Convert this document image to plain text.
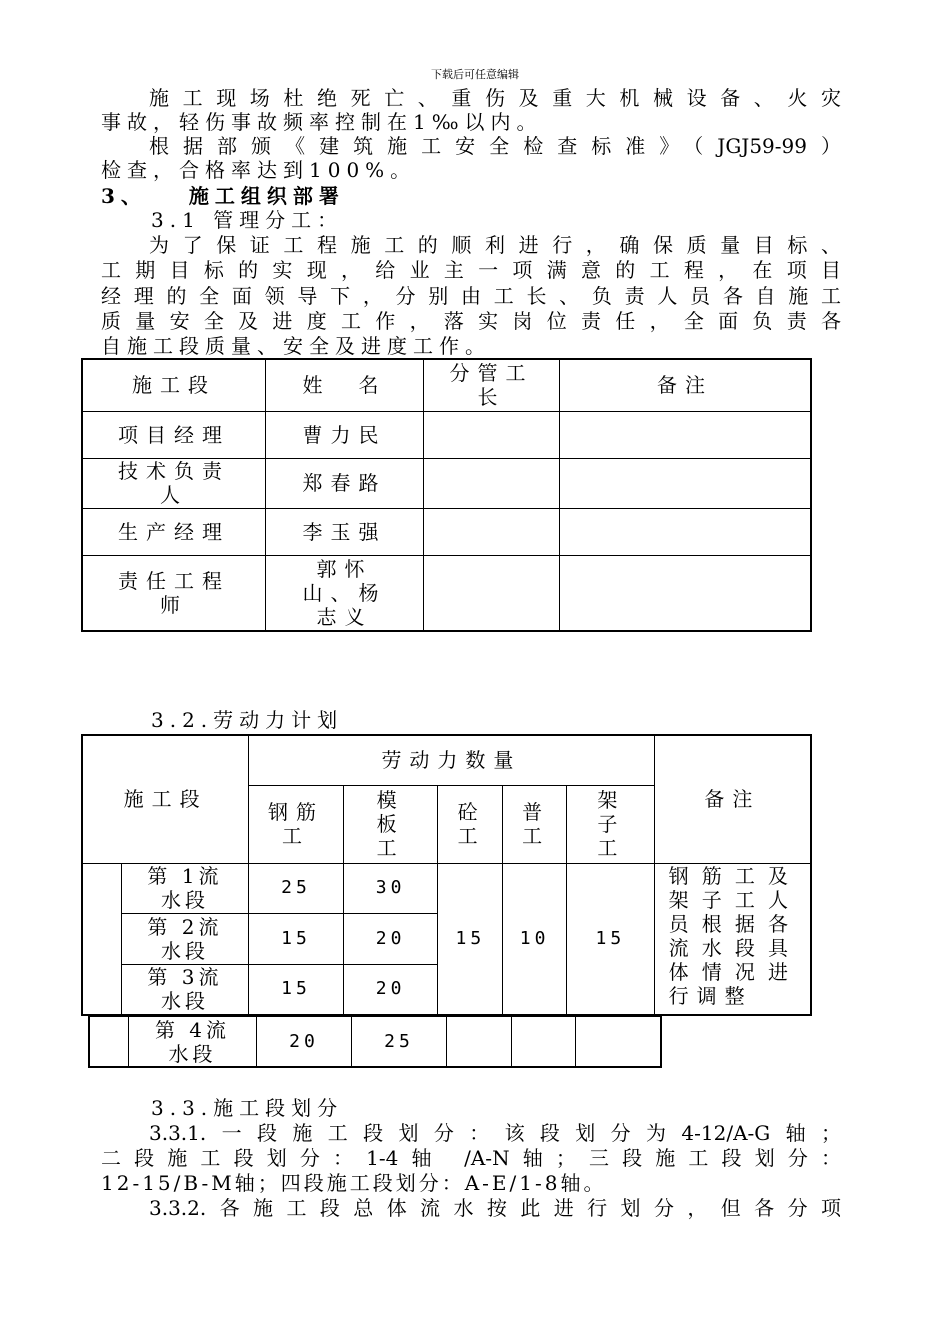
下载后可任意编辑
施工现场杜绝死亡、重伤及重大机械设备、火灾
事故，轻伤事故频率控制在1‰以内。
根据部颁《建筑施工安全检查标准》（JGJ59-99）
检查，合格率达到100%。
3、　　施工组织部署
3.1 管理分工：
为了保证工程施工的顺利进行，确保质量目标、
工期目标的实现，给业主一项满意的工程，在项目
经理的全面领导下，分别由工长、负责人员各自施工
质量安全及进度工作，落实岗位责任，全面负责各
自施工段质量、安全及进度工作。
施工段	姓　名	分管工长	备注
项目经理	曹力民		
技术负责人	郑春路		
生产经理	李玉强		
责任工程师	郭怀山、杨志义		
3.2.劳动力计划
施工段		劳动力数量					备注
		钢筋工	模板工	砼工	普工	架子工	
	第 1流水段	25	30	15	10	15	钢筋工及架子工人员根据各流水段具体情况进行调整
	第 2流水段	15	20				
	第 3流水段	15	20				
	第 4流水段	20	25			
3.3.施工段划分
3.3.1.一段施工段划分：该段划分为4-12/A-G轴；
二段施工段划分：1-4轴 /A-N轴；三段施工段划分：
12-15/B-M轴；四段施工段划分：A-E/1-8轴。
3.3.2.各施工段总体流水按此进行划分，但各分项
